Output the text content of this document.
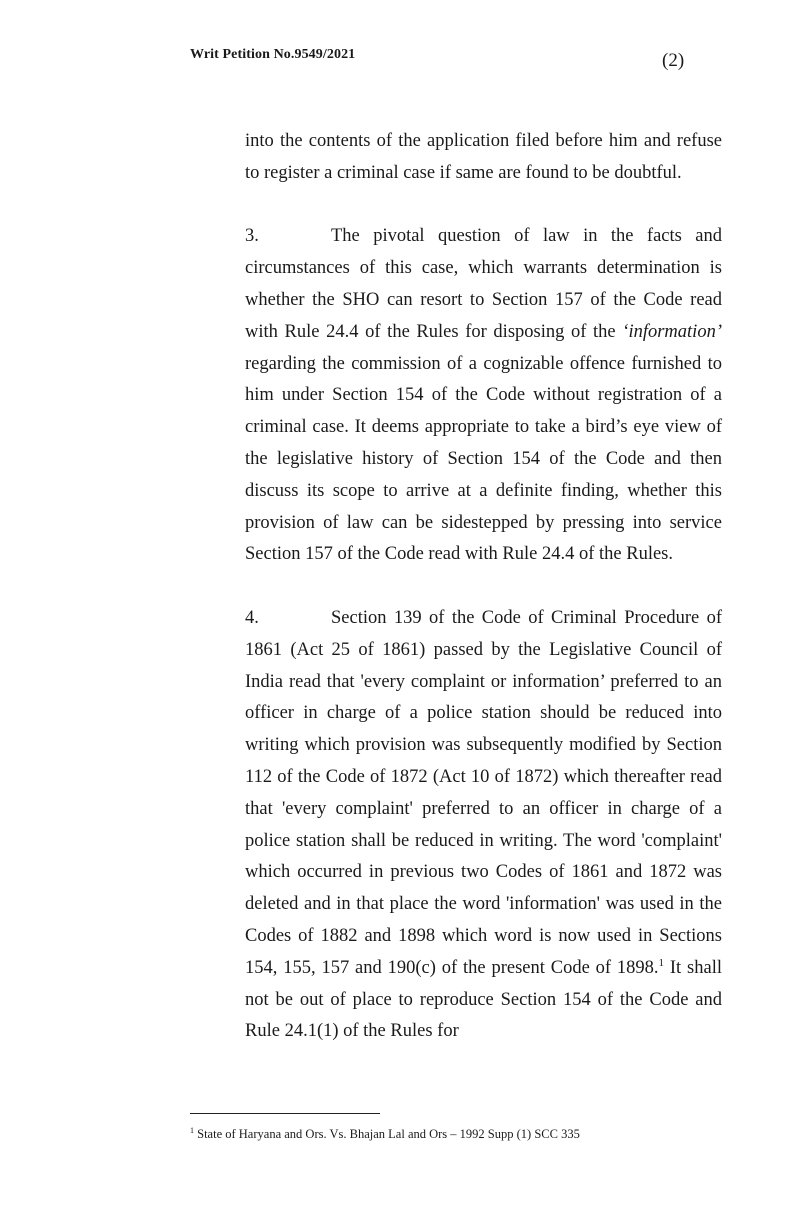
Writ Petition No.9549/2021	(2)

into the contents of the application filed before him and refuse to register a criminal case if same are found to be doubtful.

3.	The pivotal question of law in the facts and circumstances of this case, which warrants determination is whether the SHO can resort to Section 157 of the Code read with Rule 24.4 of the Rules for disposing of the ‘information’ regarding the commission of a cognizable offence furnished to him under Section 154 of the Code without registration of a criminal case. It deems appropriate to take a bird’s eye view of the legislative history of Section 154 of the Code and then discuss its scope to arrive at a definite finding, whether this provision of law can be sidestepped by pressing into service Section 157 of the Code read with Rule 24.4 of the Rules.

4.	Section 139 of the Code of Criminal Procedure of 1861 (Act 25 of 1861) passed by the Legislative Council of India read that 'every complaint or information’ preferred to an officer in charge of a police station should be reduced into writing which provision was subsequently modified by Section 112 of the Code of 1872 (Act 10 of 1872) which thereafter read that 'every complaint' preferred to an officer in charge of a police station shall be reduced in writing. The word 'complaint' which occurred in previous two Codes of 1861 and 1872 was deleted and in that place the word 'information' was used in the Codes of 1882 and 1898 which word is now used in Sections 154, 155, 157 and 190(c) of the present Code of 1898.$^1$ It shall not be out of place to reproduce Section 154 of the Code and Rule 24.1(1) of the Rules for

$^1$ State of Haryana and Ors. Vs. Bhajan Lal and Ors – 1992 Supp (1) SCC 335
